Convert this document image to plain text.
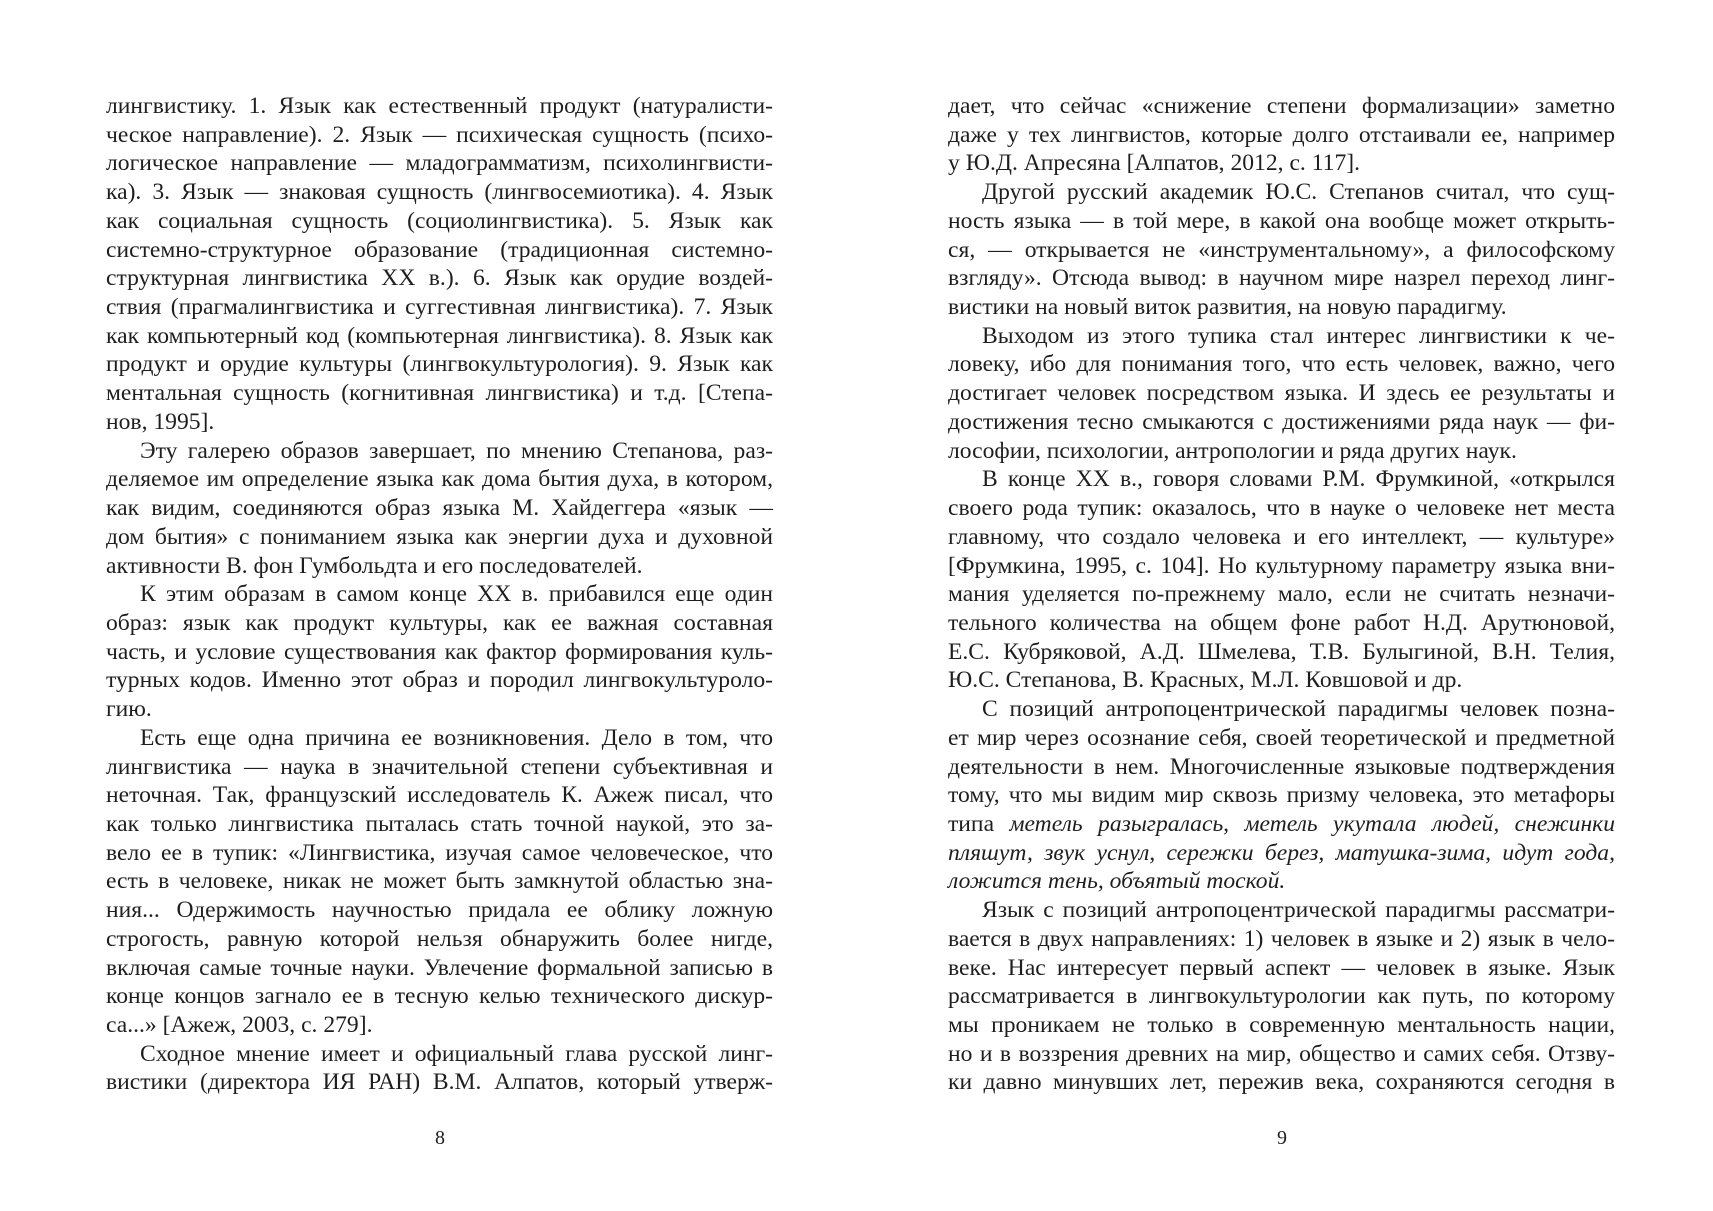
лингвистику. 1. Язык как естественный продукт (натуралисти-
ческое направление). 2. Язык — психическая сущность (психо-
логическое направление — младограмматизм, психолингвисти-
ка). 3. Язык — знаковая сущность (лингвосемиотика). 4. Язык
как социальная сущность (социолингвистика). 5. Язык как
системно-структурное образование (традиционная системно-
структурная лингвистика XX в.). 6. Язык как орудие воздей-
ствия (прагмалингвистика и суггестивная лингвистика). 7. Язык
как компьютерный код (компьютерная лингвистика). 8. Язык как
продукт и орудие культуры (лингвокультурология). 9. Язык как
ментальная сущность (когнитивная лингвистика) и т.д. [Степа-
нов, 1995].
Эту галерею образов завершает, по мнению Степанова, раз-
деляемое им определение языка как дома бытия духа, в котором,
как видим, соединяются образ языка М. Хайдеггера «язык —
дом бытия» с пониманием языка как энергии духа и духовной
активности В. фон Гумбольдта и его последователей.
К этим образам в самом конце XX в. прибавился еще один
образ: язык как продукт культуры, как ее важная составная
часть, и условие существования как фактор формирования куль-
турных кодов. Именно этот образ и породил лингвокультуроло-
гию.
Есть еще одна причина ее возникновения. Дело в том, что
лингвистика — наука в значительной степени субъективная и
неточная. Так, французский исследователь К. Ажеж писал, что
как только лингвистика пыталась стать точной наукой, это за-
вело ее в тупик: «Лингвистика, изучая самое человеческое, что
есть в человеке, никак не может быть замкнутой областью зна-
ния... Одержимость научностью придала ее облику ложную
строгость, равную которой нельзя обнаружить более нигде,
включая самые точные науки. Увлечение формальной записью в
конце концов загнало ее в тесную келью технического дискур-
са...» [Ажеж, 2003, с. 279].
Сходное мнение имеет и официальный глава русской линг-
вистики (директора ИЯ РАН) В.М. Алпатов, который утверж-
дает, что сейчас «снижение степени формализации» заметно
даже у тех лингвистов, которые долго отстаивали ее, например
у Ю.Д. Апресяна [Алпатов, 2012, с. 117].
Другой русский академик Ю.С. Степанов считал, что сущ-
ность языка — в той мере, в какой она вообще может открыть-
ся, — открывается не «инструментальному», а философскому
взгляду». Отсюда вывод: в научном мире назрел переход линг-
вистики на новый виток развития, на новую парадигму.
Выходом из этого тупика стал интерес лингвистики к че-
ловеку, ибо для понимания того, что есть человек, важно, чего
достигает человек посредством языка. И здесь ее результаты и
достижения тесно смыкаются с достижениями ряда наук — фи-
лософии, психологии, антропологии и ряда других наук.
В конце XX в., говоря словами Р.М. Фрумкиной, «открылся
своего рода тупик: оказалось, что в науке о человеке нет места
главному, что создало человека и его интеллект, — культуре»
[Фрумкина, 1995, с. 104]. Но культурному параметру языка вни-
мания уделяется по-прежнему мало, если не считать незначи-
тельного количества на общем фоне работ Н.Д. Арутюновой,
Е.С. Кубряковой, А.Д. Шмелева, Т.В. Булыгиной, В.Н. Телия,
Ю.С. Степанова, В. Красных, М.Л. Ковшовой и др.
С позиций антропоцентрической парадигмы человек позна-
ет мир через осознание себя, своей теоретической и предметной
деятельности в нем. Многочисленные языковые подтверждения
тому, что мы видим мир сквозь призму человека, это метафоры
типа метель разыгралась, метель укутала людей, снежинки
пляшут, звук уснул, сережки берез, матушка-зима, идут года,
ложится тень, объятый тоской.
Язык с позиций антропоцентрической парадигмы рассматри-
вается в двух направлениях: 1) человек в языке и 2) язык в чело-
веке. Нас интересует первый аспект — человек в языке. Язык
рассматривается в лингвокультурологии как путь, по которому
мы проникаем не только в современную ментальность нации,
но и в воззрения древних на мир, общество и самих себя. Отзву-
ки давно минувших лет, пережив века, сохраняются сегодня в
8	9
